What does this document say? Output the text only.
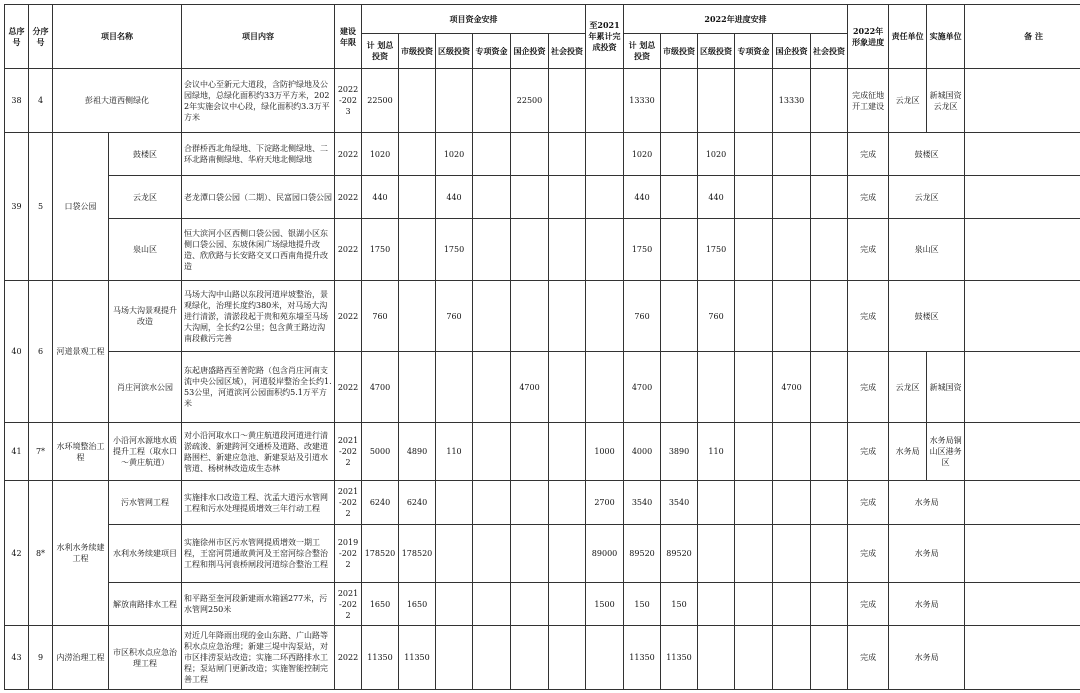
总序号	分序号	项目名称		项目内容	建设年限	项目资金安排						至2021年累计完成投资	2022年进度安排						2022年形象进度	责任单位	实施单位	备 注
						计 划总投资	市级投资	区级投资	专项资金	国企投资	社会投资		计 划总投资	市级投资	区级投资	专项资金	国企投资	社会投资				
38	4	彭祖大道西侧绿化		会议中心至新元大道段，含防护绿地及公园绿地，总绿化面积约33万平方米，2022年实施会议中心段，绿化面积约3.3万平方米	2022-2023	22500				22500			13330				13330		完成征地开工建设	云龙区	新城国资云龙区	
39	5	口袋公园	鼓楼区	合群桥西北角绿地、下淀路北侧绿地、二环北路南侧绿地、华府天地北侧绿地	2022	1020		1020					1020		1020				完成	鼓楼区		
			云龙区	老龙潭口袋公园（二期）、民富园口袋公园	2022	440		440					440		440				完成	云龙区		
			泉山区	恒大滨河小区西侧口袋公园、银湖小区东侧口袋公园、东坡休闲广场绿地提升改造、欣欣路与长安路交叉口西南角提升改造	2022	1750		1750					1750		1750				完成	泉山区		
40	6	河道景观工程	马场大沟景观提升改造	马场大沟中山路以东段河道岸坡整治，景观绿化，治理长度约380米，对马场大沟进行清淤，清淤段起于贵和苑东墙至马场大沟闸，全长约2公里；包含黄王路边沟南段截污完善	2022	760		760					760		760				完成	鼓楼区		
			肖庄河滨水公园	东起唐盛路西至普陀路（包含肖庄河南支流中央公园区域），河道驳岸整治全长约1.53公里，河道滨河公园面积约5.1万平方米	2022	4700				4700			4700				4700		完成	云龙区	新城国资	
41	7*	水环境整治工程	小沿河水源地水质提升工程（取水口～黄庄航道）	对小沿河取水口～黄庄航道段河道进行清淤疏浚、新建跨河交通桥及道路、改建道路围栏、新建应急池、新建泵站及引道水管道、杨树林改造成生态林	2021-2022	5000	4890	110				1000	4000	3890	110				完成	水务局	水务局铜山区港务区	
42	8*	水利水务续建工程	污水管网工程	实施排水口改造工程、沈孟大道污水管网工程和污水处理提质增效三年行动工程	2021-2022	6240	6240					2700	3540	3540					完成	水务局		
			水利水务续建项目	实施徐州市区污水管网提质增效一期工程，王窑河贯通故黄河及王窑河综合整治工程和荆马河袁桥闸段河道综合整治工程	2019-2022	178520	178520					89000	89520	89520					完成	水务局		
			解放南路排水工程	和平路至奎河段新建雨水箱涵277米，污水管网250米	2021-2022	1650	1650					1500	150	150					完成	水务局		
43	9	内涝治理工程	市区积水点应急治理工程	对近几年降雨出现的金山东路、广山路等积水点应急治理；新建三堤中沟泵站，对市区排涝泵站改造；实施二环西路排水工程；泵站闸门更新改造；实施智能控制完善工程	2022	11350	11350						11350	11350					完成	水务局		
